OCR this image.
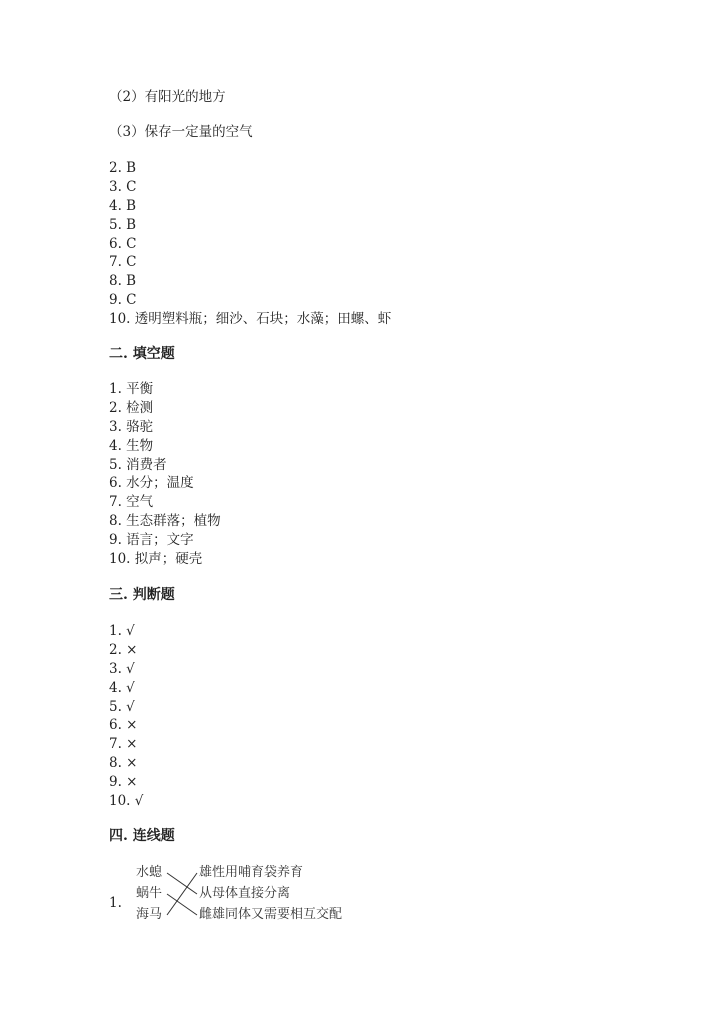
（2）有阳光的地方
（3）保存一定量的空气
2. B
3. C
4. B
5. B
6. C
7. C
8. B
9. C
10. 透明塑料瓶；细沙、石块；水藻；田螺、虾
二. 填空题
1. 平衡
2. 检测
3. 骆驼
4. 生物
5. 消费者
6. 水分；温度
7. 空气
8. 生态群落；植物
9. 语言；文字
10. 拟声；硬壳
三. 判断题
1. √
2. ×
3. √
4. √
5. √
6. ×
7. ×
8. ×
9. ×
10. √
四. 连线题
1.
水螅
蜗牛
海马
雄性用哺育袋养育
从母体直接分离
雌雄同体又需要相互交配
